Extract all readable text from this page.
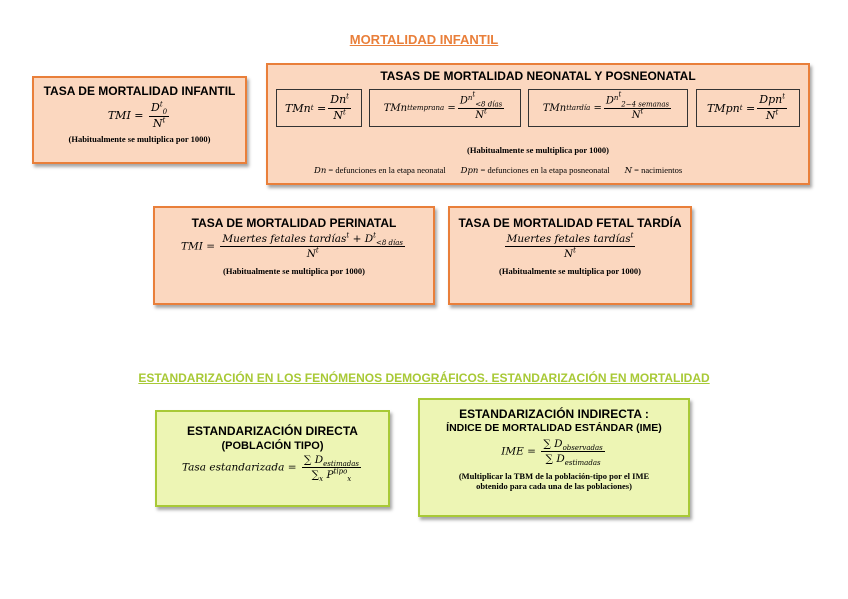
MORTALIDAD INFANTIL
TASA DE MORTALIDAD INFANTIL
TMI = $\frac{D^t_0}{N^t}$
(Habitualmente se multiplica por 1000)
TASAS DE MORTALIDAD NEONATAL Y POSNEONATAL
TMn t
= $\frac{Dn^t}{N^t}$	TMn t temprana
= $\frac{D^{n^t}_{<8 días}}{N^t}$	TMn t tardía
= $\frac{D^{n^t}_{2-4 semanas}}{N^t}$	TMpn t
= $\frac{Dpn^t}{N^t}$
(Habitualmente se multiplica por 1000)
Dn = defunciones en la etapa neonatal Dpn = defunciones en la etapa posneonatal N = nacimientos
TASA DE MORTALIDAD PERINATAL
TMI = $\frac{Muertes fetales tardías^t + D^t_{<8 días}}{N^t}$
(Habitualmente se multiplica por 1000)
TASA DE MORTALIDAD FETAL TARDÍA
$\frac{Muertes fetales tardías^t}{N^t}$
(Habitualmente se multiplica por 1000)
ESTANDARIZACIÓN EN LOS FENÓMENOS DEMOGRÁFICOS. ESTANDARIZACIÓN EN MORTALIDAD
ESTANDARIZACIÓN DIRECTA
(POBLACIÓN TIPO)
Tasa estandarizada = $\frac{\sum D_{estimadas}}{\sum_x P^{tipo}_x}$
ESTANDARIZACIÓN INDIRECTA :
ÍNDICE DE MORTALIDAD ESTÁNDAR (IME)
IME = $\frac{\sum D_{observadas}}{\sum D_{estimadas}}$
(Multiplicar la TBM de la población-tipo por el IME
obtenido para cada una de las poblaciones)
